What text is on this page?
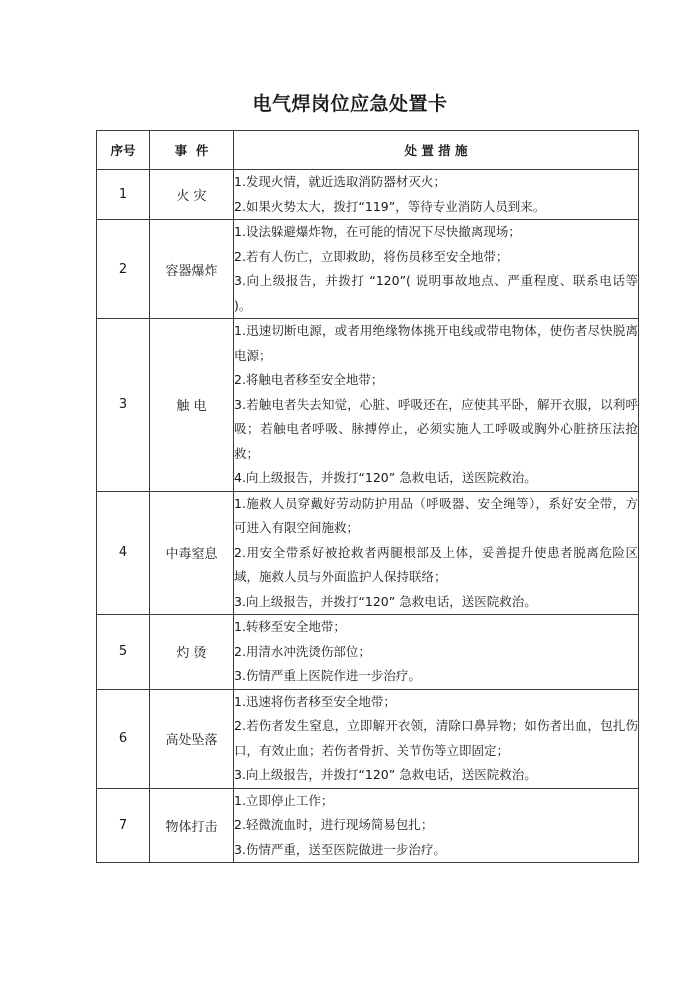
电气焊岗位应急处置卡
序号	事  件	处 置 措 施
1	火 灾	1.发现火情，就近选取消防器材灭火；
2.如果火势太大，拨打“119”，等待专业消防人员到来。

2	容器爆炸	1.设法躲避爆炸物，在可能的情况下尽快撤离现场；
2.若有人伤亡，立即救助，将伤员移至安全地带；
3.向上级报告，并拨打 “120”( 说明事故地点、严重程度、联系电话等 )。

3	触 电	1.迅速切断电源，或者用绝缘物体挑开电线或带电物体，使伤者尽快脱离电源；
2.将触电者移至安全地带；
3.若触电者失去知觉，心脏、呼吸还在，应使其平卧，解开衣服，以利呼吸；若触电者呼吸、脉搏停止，必须实施人工呼吸或胸外心脏挤压法抢救；
4.向上级报告，并拨打“120” 急救电话，送医院救治。

4	中毒窒息	1.施救人员穿戴好劳动防护用品（呼吸器、安全绳等），系好安全带，方可进入有限空间施救；
2.用安全带系好被抢救者两腿根部及上体，妥善提升使患者脱离危险区域，施救人员与外面监护人保持联络；
3.向上级报告，并拨打“120” 急救电话，送医院救治。

5	灼 烫	1.转移至安全地带；
2.用清水冲洗烫伤部位；
3.伤情严重上医院作进一步治疗。

6	高处坠落	1.迅速将伤者移至安全地带；
2.若伤者发生窒息，立即解开衣领，清除口鼻异物；如伤者出血，包扎伤口，有效止血；若伤者骨折、关节伤等立即固定；
3.向上级报告，并拨打“120” 急救电话，送医院救治。

7	物体打击	1.立即停止工作；
2.轻微流血时，进行现场简易包扎；
3.伤情严重，送至医院做进一步治疗。
